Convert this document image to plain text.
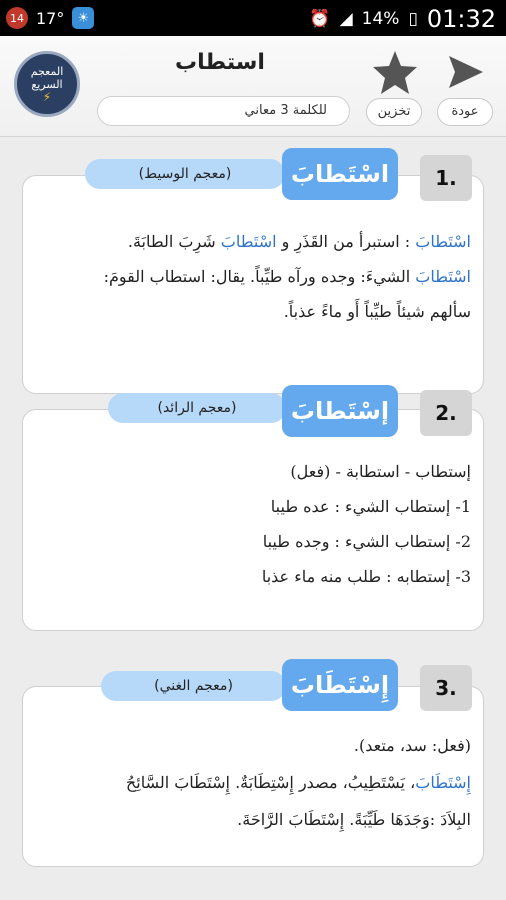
14 17°	☀	⏰ ◢ 14% ▯ 01:32
المعجم السريع
⚡
استطاب
للكلمة 3 معاني	تخزين	عودة
اسْتَطابَ : استبرأ من القَذَرِ و اسْتَطابَ شَرِبَ الطابَةَ.
اسْتَطابَ الشيءَ: وجده ورآه طيِّباً. يقال: استطاب القومَ:
سألهم شيئاً طيِّباً أَو ماءً عذباً.
(معجم الوسيط)	اسْتَطابَ	1.
إستطاب - استطابة - (فعل)
1- إستطاب الشيء : عده طيبا
2- إستطاب الشيء : وجده طيبا
3- إستطابه : طلب منه ماء عذبا
(معجم الرائد)	إسْتَطابَ	2.
(فعل: سد، متعد).
إِسْتَطَابَ، يَسْتَطِيبُ، مصدر إِسْتِطَابَةٌ. إِسْتَطَابَ السَّائِحُ
البِلاَدَ :وَجَدَهَا طَيِّبَةً. إِسْتَطَابَ الرَّاحَةَ.
(معجم الغني)	إِسْتَطَابَ	3.
